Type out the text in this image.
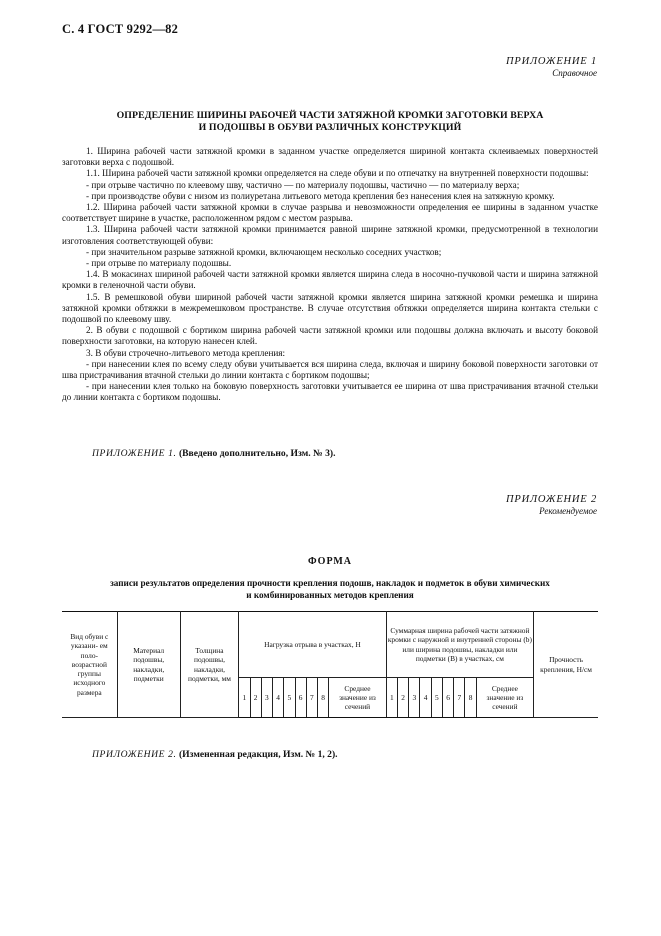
С. 4 ГОСТ 9292—82
ПРИЛОЖЕНИЕ 1
Справочное
ОПРЕДЕЛЕНИЕ ШИРИНЫ РАБОЧЕЙ ЧАСТИ ЗАТЯЖНОЙ КРОМКИ ЗАГОТОВКИ ВЕРХА
И ПОДОШВЫ В ОБУВИ РАЗЛИЧНЫХ КОНСТРУКЦИЙ

1. Ширина рабочей части затяжной кромки в заданном участке определяется шириной контакта склеиваемых поверхностей заготовки верха с подошвой.

1.1. Ширина рабочей части затяжной кромки определяется на следе обуви и по отпечатку на внутренней поверхности подошвы:

- при отрыве частично по клеевому шву, частично — по материалу подошвы, частично — по материалу верха;

- при производстве обуви с низом из полиуретана литьевого метода крепления без нанесения клея на затяжную кромку.

1.2. Ширина рабочей части затяжной кромки в случае разрыва и невозможности определения ее ширины в заданном участке соответствует ширине в участке, расположенном рядом с местом разрыва.

1.3. Ширина рабочей части затяжной кромки принимается равной ширине затяжной кромки, предусмотренной в технологии изготовления соответствующей обуви:

- при значительном разрыве затяжной кромки, включающем несколько соседних участков;

- при отрыве по материалу подошвы.

1.4. В мокасинах шириной рабочей части затяжной кромки является ширина следа в носочно-пучковой части и ширина затяжной кромки в геленочной части обуви.

1.5. В ремешковой обуви шириной рабочей части затяжной кромки является ширина затяжной кромки ремешка и ширина затяжной кромки обтяжки в межремешковом пространстве. В случае отсутствия обтяжки определяется ширина контакта стельки с подошвой по клеевому шву.

2. В обуви с подошвой с бортиком ширина рабочей части затяжной кромки или подошвы должна включать и высоту боковой поверхности заготовки, на которую нанесен клей.

3. В обуви строчечно-литьевого метода крепления:

- при нанесении клея по всему следу обуви учитывается вся ширина следа, включая и ширину боковой поверхности заготовки от шва пристрачивания втачной стельки до линии контакта с бортиком подошвы;

- при нанесении клея только на боковую поверхность заготовки учитывается ее ширина от шва пристрачивания втачной стельки до линии контакта с бортиком подошвы.

ПРИЛОЖЕНИЕ 1. (Введено дополнительно, Изм. № 3).
ПРИЛОЖЕНИЕ 2
Рекомендуемое
ФОРМА
записи результатов определения прочности крепления подошв, накладок и подметок в обуви химических
и комбинированных методов крепления
Вид обуви с указани- ем поло- возрастной группы исходного размера	Материал подошвы, накладки, подметки	Толщина подошвы, накладки, подметки, мм	Нагрузка отрыва в участках, Н									Суммарная ширина рабочей части затяжной кромки с наружной и внутренней стороны (b) или ширина подошвы, накладки или подметки (B) в участках, см									Прочность крепления, Н/см
			1	2	3	4	5	6	7	8	Среднее значение из сечений	1	2	3	4	5	6	7	8	Среднее значение из сечений	
ПРИЛОЖЕНИЕ 2. (Измененная редакция, Изм. № 1, 2).
